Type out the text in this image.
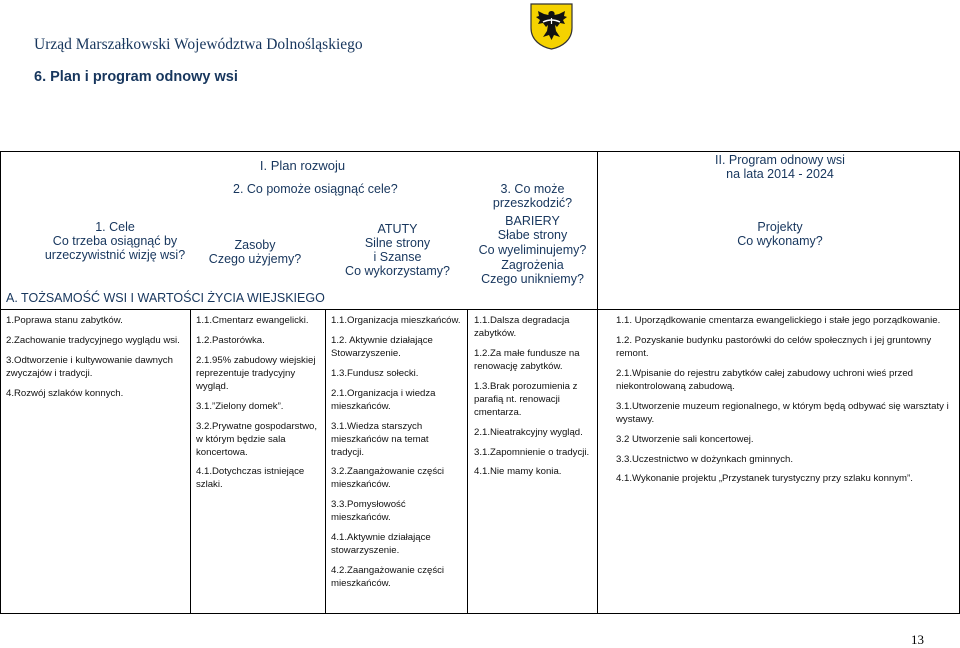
Urząd Marszałkowski Województwa Dolnośląskiego
6. Plan i program odnowy wsi
I. Plan rozwoju	II. Program odnowy wsi
na lata 2014 - 2024
1. Cele
Co trzeba osiągnąć by
urzeczywistnić wizję wsi?
2. Co pomoże osiągnąć cele?
Zasoby
Czego użyjemy?
ATUTY
Silne strony
i Szanse
Co wykorzystamy?
3. Co może
przeszkodzić?
BARIERY
Słabe strony
Co wyeliminujemy?
Zagrożenia
Czego unikniemy?
Projekty
Co wykonamy?
A. TOŻSAMOŚĆ WSI I WARTOŚCI ŻYCIA WIEJSKIEGO

1.Poprawa stanu zabytków.

2.Zachowanie tradycyjnego wyglądu wsi.

3.Odtworzenie i kultywowanie dawnych zwyczajów i tradycji.

4.Rozwój szlaków konnych.

1.1.Cmentarz ewangelicki.

1.2.Pastorówka.

2.1.95% zabudowy wiejskiej reprezentuje tradycyjny wygląd.

3.1.”Zielony domek”.

3.2.Prywatne gospodarstwo, w którym będzie sala koncertowa.

4.1.Dotychczas istniejące szlaki.

1.1.Organizacja mieszkańców.

1.2. Aktywnie działające Stowarzyszenie.

1.3.Fundusz sołecki.

2.1.Organizacja i wiedza mieszkańców.

3.1.Wiedza starszych mieszkańców na temat tradycji.

3.2.Zaangażowanie części mieszkańców.

3.3.Pomysłowość mieszkańców.

4.1.Aktywnie działające stowarzyszenie.

4.2.Zaangażowanie części mieszkańców.

1.1.Dalsza degradacja zabytków.

1.2.Za małe fundusze na renowację zabytków.

1.3.Brak porozumienia z parafią nt. renowacji cmentarza.

2.1.Nieatrakcyjny wygląd.

3.1.Zapomnienie o tradycji.

4.1.Nie mamy konia.

1.1. Uporządkowanie cmentarza ewangelickiego i stałe jego porządkowanie.

1.2. Pozyskanie budynku pastorówki do celów społecznych i jej gruntowny remont.

2.1.Wpisanie do rejestru zabytków całej zabudowy uchroni wieś przed niekontrolowaną zabudową.

3.1.Utworzenie muzeum regionalnego, w którym będą odbywać się warsztaty i wystawy.

3.2 Utworzenie sali koncertowej.

3.3.Uczestnictwo w dożynkach gminnych.

4.1.Wykonanie projektu „Przystanek turystyczny przy szlaku konnym”.

13
